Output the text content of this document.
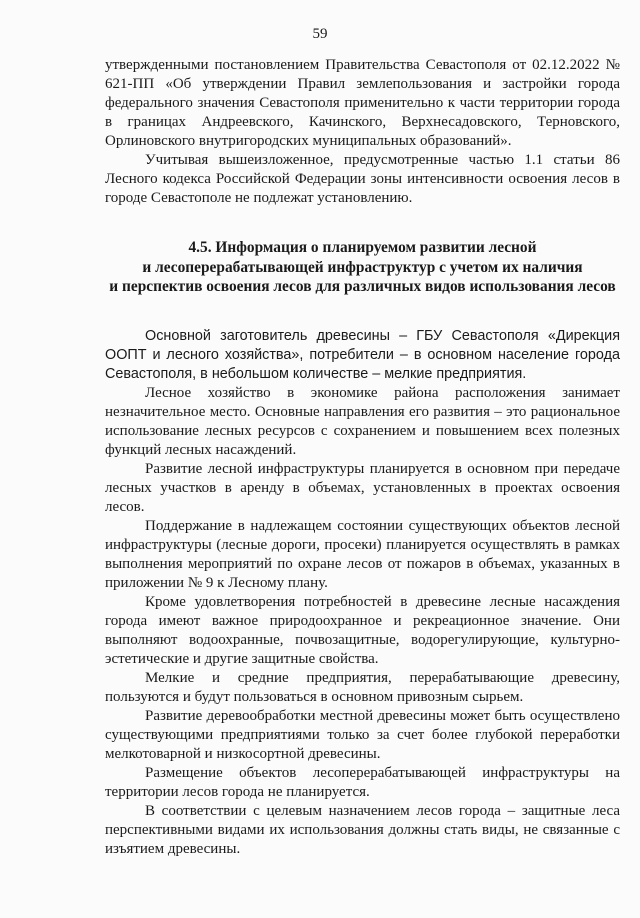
59

утвержденными постановлением Правительства Севастополя от 02.12.2022 № 621-ПП «Об утверждении Правил землепользования и застройки города федерального значения Севастополя применительно к части территории города в границах Андреевского, Качинского, Верхнесадовского, Терновского, Орлиновского внутригородских муниципальных образований».

Учитывая вышеизложенное, предусмотренные частью 1.1 статьи 86 Лесного кодекса Российской Федерации зоны интенсивности освоения лесов в городе Севастополе не подлежат установлению.

4.5. Информация о планируемом развитии лесной
и лесоперерабатывающей инфраструктур с учетом их наличия
и перспектив освоения лесов для различных видов использования лесов

Основной заготовитель древесины – ГБУ Севастополя «Дирекция ООПТ и лесного хозяйства», потребители – в основном население города Севастополя, в небольшом количестве – мелкие предприятия.

Лесное хозяйство в экономике района расположения занимает незначительное место. Основные направления его развития – это рациональное использование лесных ресурсов с сохранением и повышением всех полезных функций лесных насаждений.

Развитие лесной инфраструктуры планируется в основном при передаче лесных участков в аренду в объемах, установленных в проектах освоения лесов.

Поддержание в надлежащем состоянии существующих объектов лесной инфраструктуры (лесные дороги, просеки) планируется осуществлять в рамках выполнения мероприятий по охране лесов от пожаров в объемах, указанных в приложении № 9 к Лесному плану.

Кроме удовлетворения потребностей в древесине лесные насаждения города имеют важное природоохранное и рекреационное значение. Они выполняют водоохранные, почвозащитные, водорегулирующие, культурно-эстетические и другие защитные свойства.

Мелкие и средние предприятия, перерабатывающие древесину, пользуются и будут пользоваться в основном привозным сырьем.

Развитие деревообработки местной древесины может быть осуществлено существующими предприятиями только за счет более глубокой переработки мелкотоварной и низкосортной древесины.

Размещение объектов лесоперерабатывающей инфраструктуры на территории лесов города не планируется.

В соответствии с целевым назначением лесов города – защитные леса перспективными видами их использования должны стать виды, не связанные с изъятием древесины.
